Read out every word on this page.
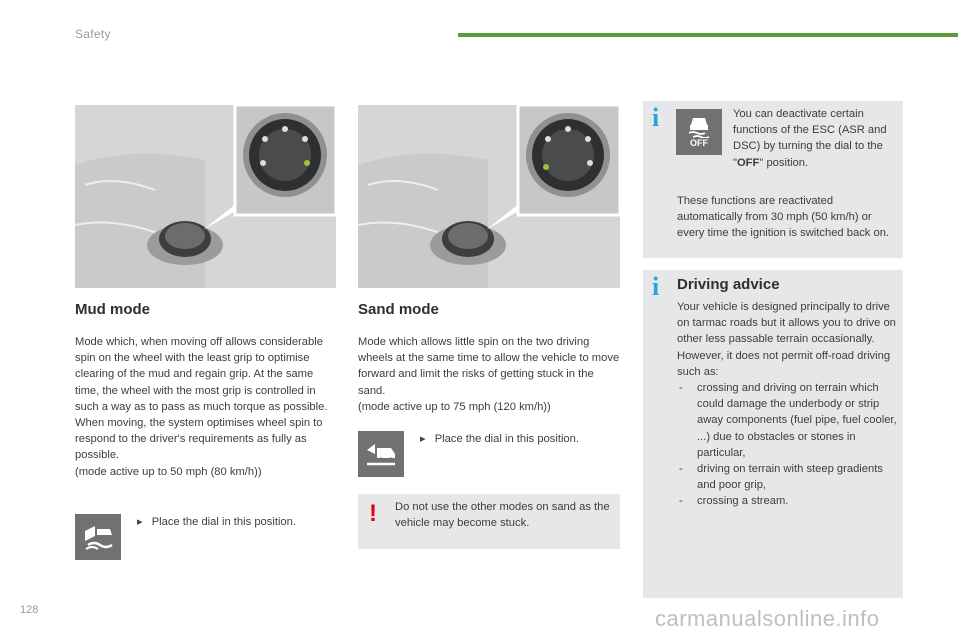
Safety
Mud mode
Mode which, when moving off allows considerable spin on the wheel with the least grip to optimise clearing of the mud and regain grip. At the same time, the wheel with the most grip is controlled in such a way as to pass as much torque as possible.
When moving, the system optimises wheel spin to respond to the driver's requirements as fully as possible.
(mode active up to 50 mph (80 km/h))
▸   Place the dial in this position.
Sand mode
Mode which allows little spin on the two driving wheels at the same time to allow the vehicle to move forward and limit the risks of getting stuck in the sand.
(mode active up to 75 mph (120 km/h))
▸   Place the dial in this position.
! Do not use the other modes on sand as the vehicle may become stuck.
i
OFF
You can deactivate certain functions of the ESC (ASR and DSC) by turning the dial to the "OFF" position.
These functions are reactivated automatically from 30 mph (50 km/h) or every time the ignition is switched back on.
i Driving advice
Your vehicle is designed principally to drive on tarmac roads but it allows you to drive on other less passable terrain occasionally.
However, it does not permit off-road driving such as:
- crossing and driving on terrain which could damage the underbody or strip away components (fuel pipe, fuel cooler, ...) due to obstacles or stones in particular,
- driving on terrain with steep gradients and poor grip,
- crossing a stream.
128	carmanualsonline.info
